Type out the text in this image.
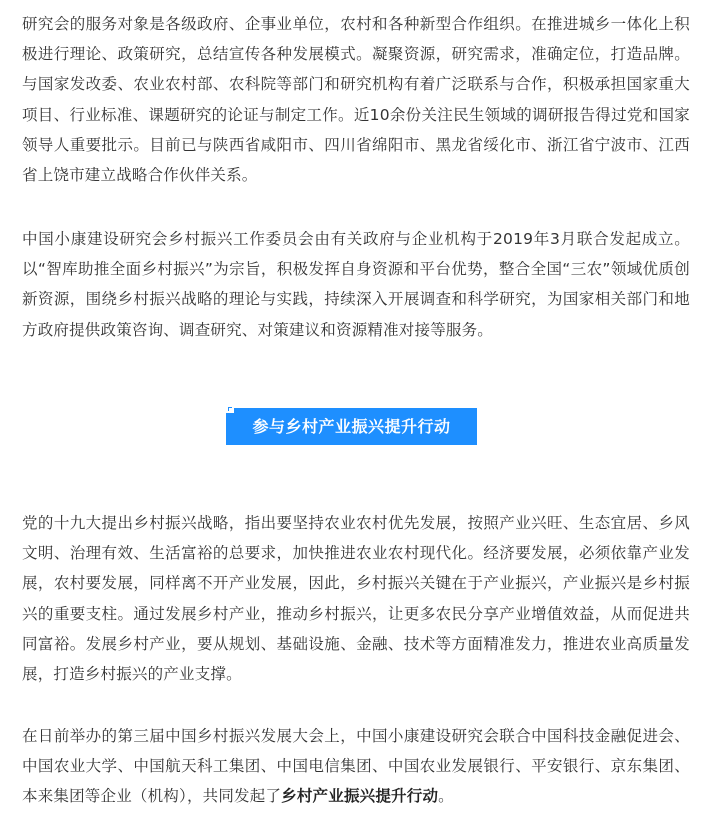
研究会的服务对象是各级政府、企事业单位，农村和各种新型合作组织。在推进城乡一体化上积极进行理论、政策研究，总结宣传各种发展模式。凝聚资源，研究需求，准确定位，打造品牌。与国家发改委、农业农村部、农科院等部门和研究机构有着广泛联系与合作，积极承担国家重大项目、行业标准、课题研究的论证与制定工作。近10余份关注民生领域的调研报告得过党和国家领导人重要批示。目前已与陕西省咸阳市、四川省绵阳市、黑龙省绥化市、浙江省宁波市、江西省上饶市建立战略合作伙伴关系。

中国小康建设研究会乡村振兴工作委员会由有关政府与企业机构于2019年3月联合发起成立。以“智库助推全面乡村振兴”为宗旨，积极发挥自身资源和平台优势，整合全国“三农”领域优质创新资源，围绕乡村振兴战略的理论与实践，持续深入开展调查和科学研究，为国家相关部门和地方政府提供政策咨询、调查研究、对策建议和资源精准对接等服务。

参与乡村产业振兴提升行动

党的十九大提出乡村振兴战略，指出要坚持农业农村优先发展，按照产业兴旺、生态宜居、乡风文明、治理有效、生活富裕的总要求，加快推进农业农村现代化。经济要发展，必须依靠产业发展，农村要发展，同样离不开产业发展，因此，乡村振兴关键在于产业振兴，产业振兴是乡村振兴的重要支柱。通过发展乡村产业，推动乡村振兴，让更多农民分享产业增值效益，从而促进共同富裕。发展乡村产业，要从规划、基础设施、金融、技术等方面精准发力，推进农业高质量发展，打造乡村振兴的产业支撑。

在日前举办的第三届中国乡村振兴发展大会上，中国小康建设研究会联合中国科技金融促进会、中国农业大学、中国航天科工集团、中国电信集团、中国农业发展银行、平安银行、京东集团、本来集团等企业（机构），共同发起了乡村产业振兴提升行动。
